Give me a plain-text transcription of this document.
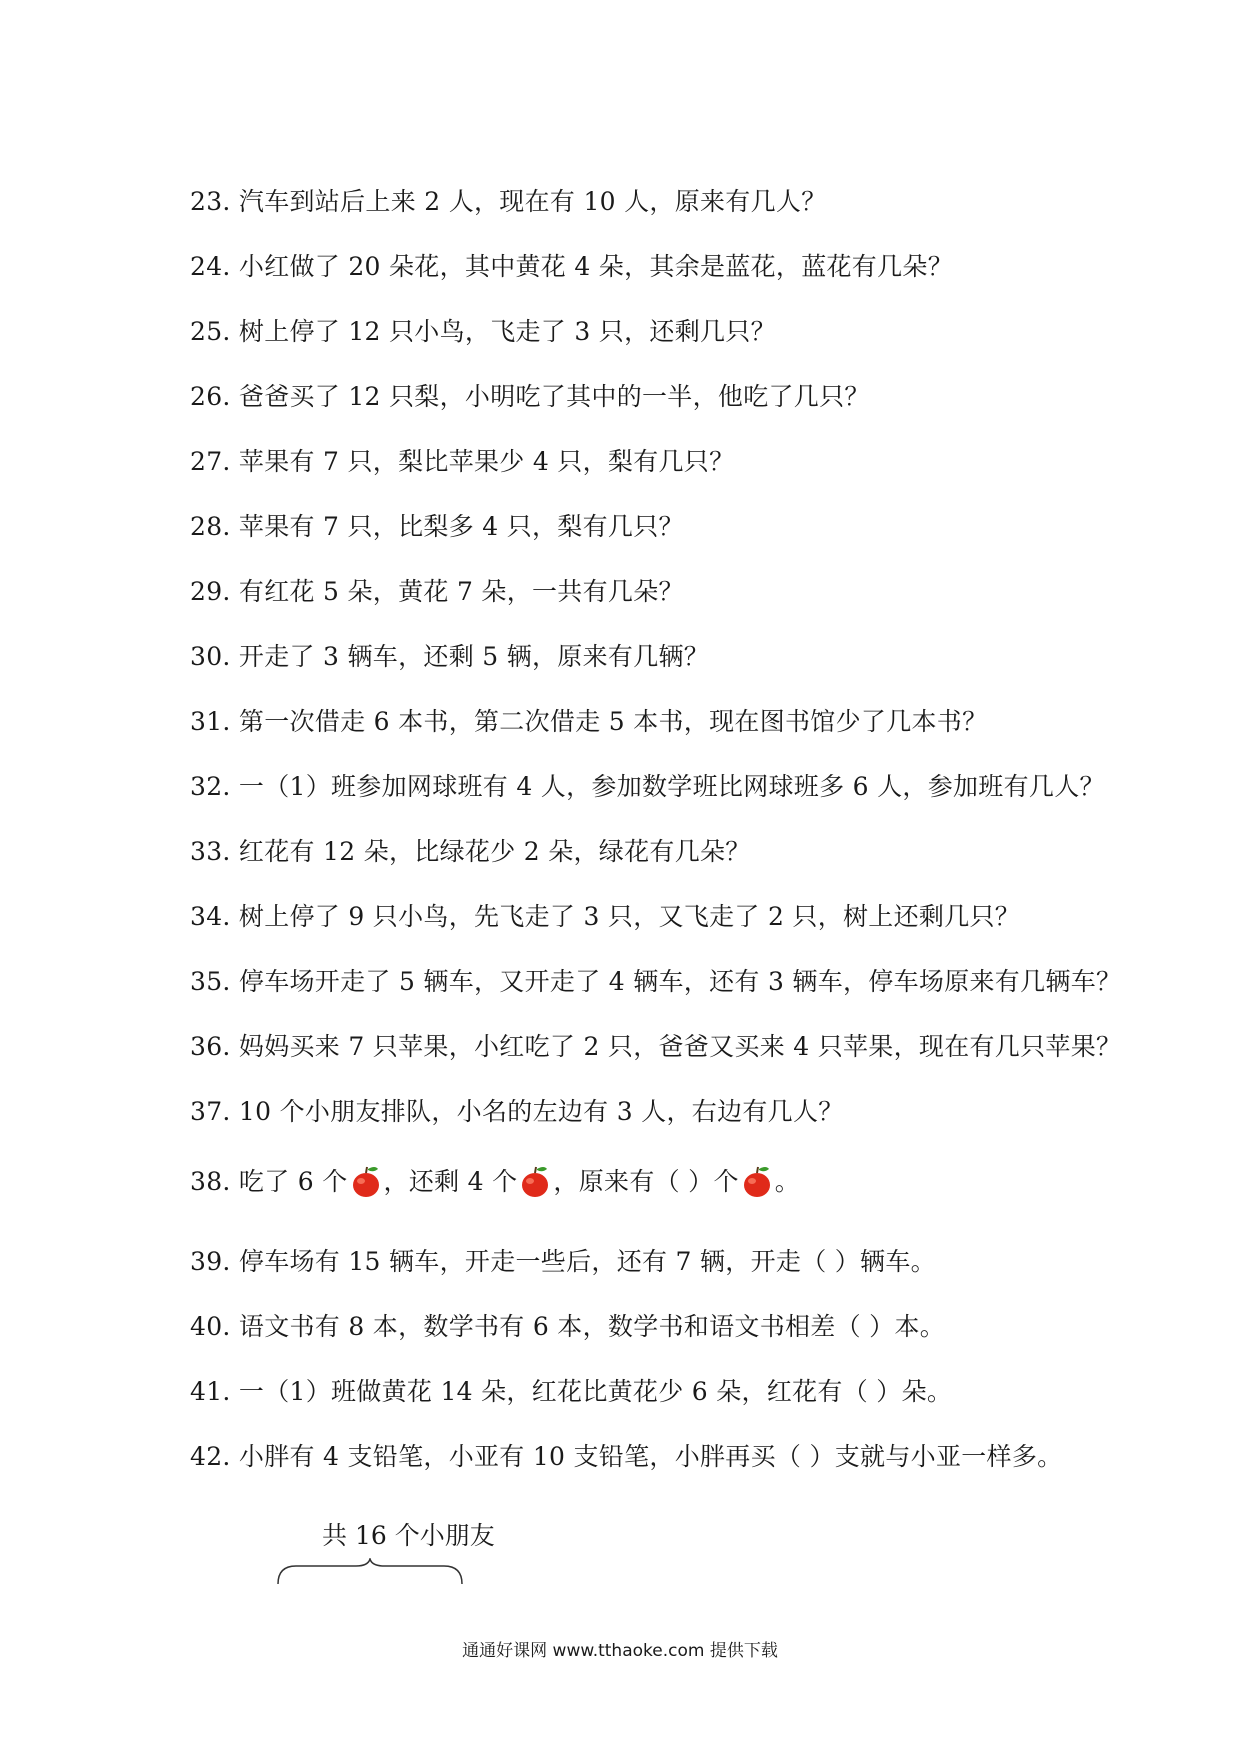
23. 汽车到站后上来 2 人，现在有 10 人，原来有几人？
24. 小红做了 20 朵花，其中黄花 4 朵，其余是蓝花，蓝花有几朵？
25. 树上停了 12 只小鸟，飞走了 3 只，还剩几只？
26. 爸爸买了 12 只梨，小明吃了其中的一半，他吃了几只？
27. 苹果有 7 只，梨比苹果少 4 只，梨有几只？
28. 苹果有 7 只，比梨多 4 只，梨有几只？
29. 有红花 5 朵，黄花 7 朵，一共有几朵？
30. 开走了 3 辆车，还剩 5 辆，原来有几辆？
31. 第一次借走 6 本书，第二次借走 5 本书，现在图书馆少了几本书？
32. 一（1）班参加网球班有 4 人，参加数学班比网球班多 6 人，参加班有几人？
33. 红花有 12 朵，比绿花少 2 朵，绿花有几朵？
34. 树上停了 9 只小鸟，先飞走了 3 只，又飞走了 2 只，树上还剩几只？
35. 停车场开走了 5 辆车，又开走了 4 辆车，还有 3 辆车，停车场原来有几辆车？
36. 妈妈买来 7 只苹果，小红吃了 2 只，爸爸又买来 4 只苹果，现在有几只苹果？
37. 10 个小朋友排队，小名的左边有 3 人，右边有几人？
38. 吃了 6 个 ，还剩 4 个 ，原来有（ ）个 。
39. 停车场有 15 辆车，开走一些后，还有 7 辆，开走（ ）辆车。
40. 语文书有 8 本，数学书有 6 本，数学书和语文书相差（ ）本。
41. 一（1）班做黄花 14 朵，红花比黄花少 6 朵，红花有（ ）朵。
42. 小胖有 4 支铅笔，小亚有 10 支铅笔，小胖再买（ ）支就与小亚一样多。
共 16 个小朋友
通通好课网 www.tthaoke.com 提供下载
